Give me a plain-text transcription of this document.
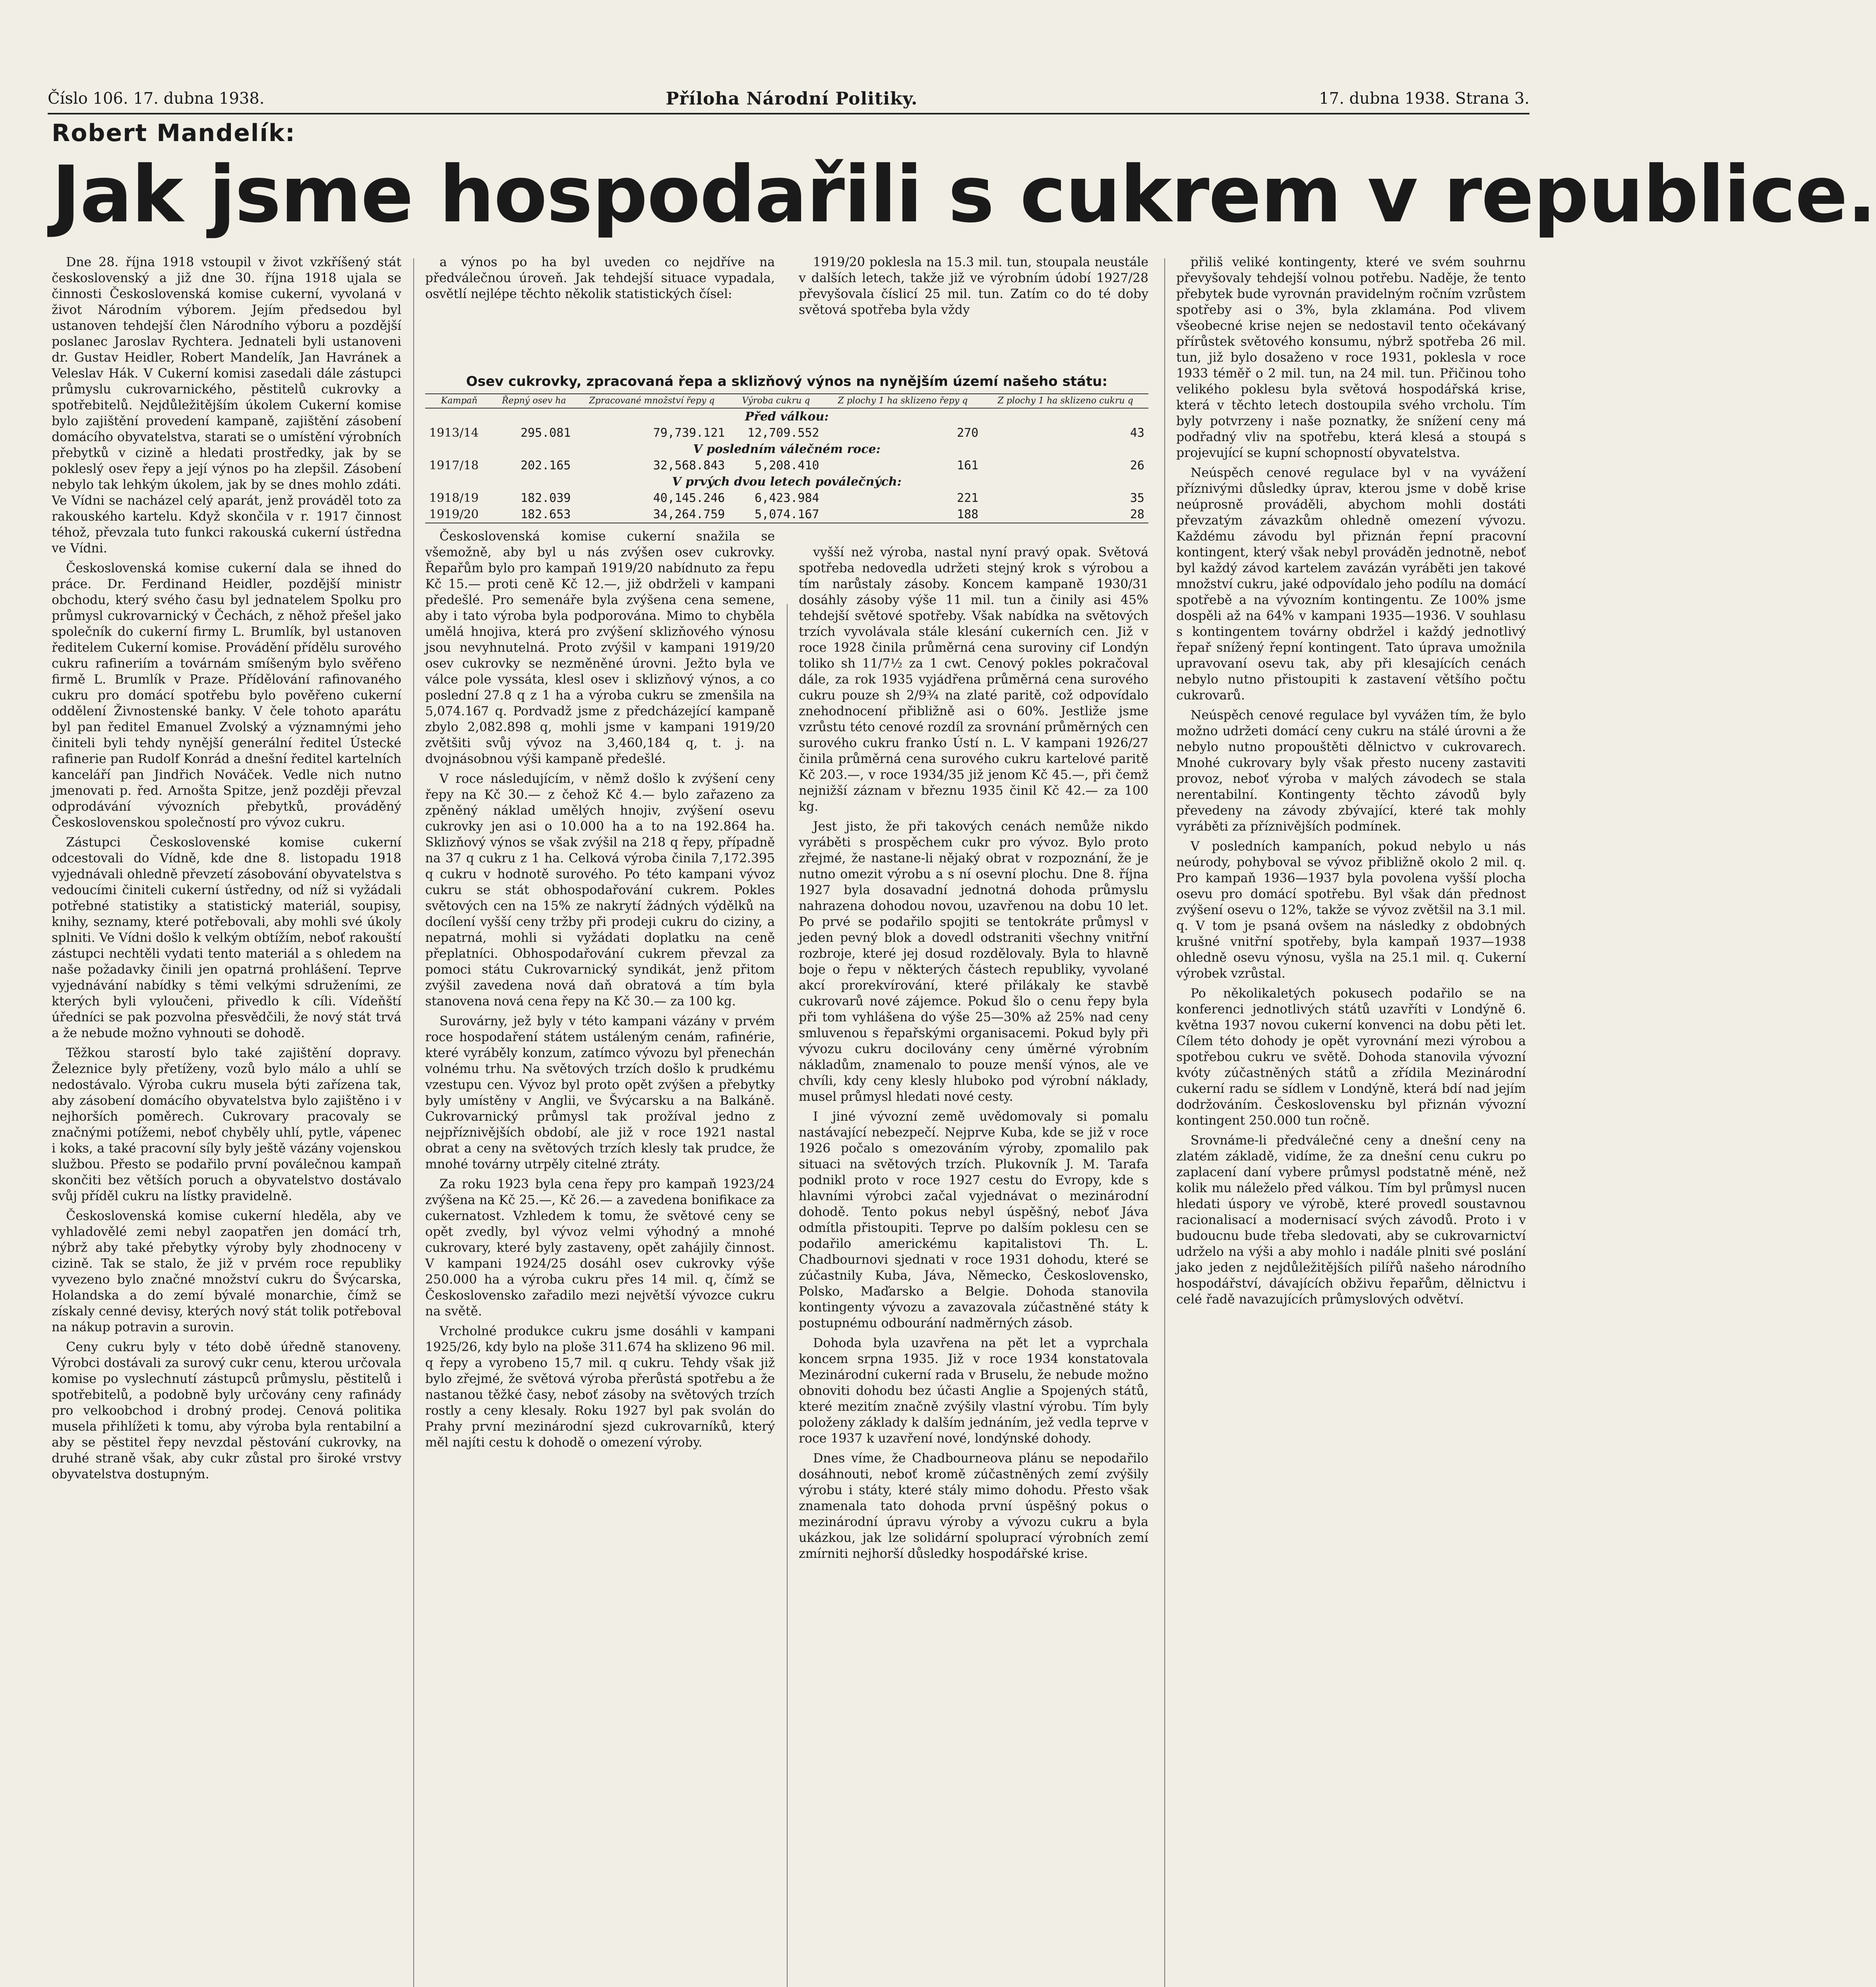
Číslo 106. 17. dubna 1938.	Příloha Národní Politiky.	17. dubna 1938. Strana 3.
Robert Mandelík:
Jak jsme hospodařili s cukrem v republice.

Dne 28. října 1918 vstoupil v život vzkříšený stát československý a již dne 30. října 1918 ujala se činnosti Československá komise cukerní, vyvolaná v život Národním výborem. Jejím předsedou byl ustanoven tehdejší člen Národního výboru a pozdější poslanec Jaroslav Rychtera. Jednateli byli ustanoveni dr. Gustav Heidler, Robert Mandelík, Jan Havránek a Veleslav Hák. V Cukerní komisi zasedali dále zástupci průmyslu cukrovarnického, pěstitelů cukrovky a spotřebitelů. Nejdůležitějším úkolem Cukerní komise bylo zajištění provedení kampaně, zajištění zásobení domácího obyvatelstva, starati se o umístění výrobních přebytků v cizině a hledati prostředky, jak by se pokleslý osev řepy a její výnos po ha zlepšil. Zásobení nebylo tak lehkým úkolem, jak by se dnes mohlo zdáti. Ve Vídni se nacházel celý aparát, jenž prováděl toto za rakouského kartelu. Když skončila v r. 1917 činnost téhož, převzala tuto funkci rakouská cukerní ústředna ve Vídni.

Československá komise cukerní dala se ihned do práce. Dr. Ferdinand Heidler, pozdější ministr obchodu, který svého času byl jednatelem Spolku pro průmysl cukrovarnický v Čechách, z něhož přešel jako společník do cukerní firmy L. Brumlík, byl ustanoven ředitelem Cukerní komise. Provádění přídělu surového cukru rafineriím a továrnám smíšeným bylo svěřeno firmě L. Brumlík v Praze. Přídělování rafinovaného cukru pro domácí spotřebu bylo pověřeno cukerní oddělení Živnostenské banky. V čele tohoto aparátu byl pan ředitel Emanuel Zvolský a významnými jeho činiteli byli tehdy nynější generální ředitel Ústecké rafinerie pan Rudolf Konrád a dnešní ředitel kartelních kanceláří pan Jindřich Nováček. Vedle nich nutno jmenovati p. řed. Arnošta Spitze, jenž později převzal odprodávání vývozních přebytků, prováděný Československou společností pro vývoz cukru.

Zástupci Československé komise cukerní odcestovali do Vídně, kde dne 8. listopadu 1918 vyjednávali ohledně převzetí zásobování obyvatelstva s vedoucími činiteli cukerní ústředny, od níž si vyžádali potřebné statistiky a statistický materiál, soupisy, knihy, seznamy, které potřebovali, aby mohli své úkoly splniti. Ve Vídni došlo k velkým obtížím, neboť rakouští zástupci nechtěli vydati tento materiál a s ohledem na naše požadavky činili jen opatrná prohlášení. Teprve vyjednávání nabídky s těmi velkými sdruženími, ze kterých byli vyloučeni, přivedlo k cíli. Vídeňští úředníci se pak pozvolna přesvědčili, že nový stát trvá a že nebude možno vyhnouti se dohodě.

Těžkou starostí bylo také zajištění dopravy. Železnice byly přetíženy, vozů bylo málo a uhlí se nedostávalo. Výroba cukru musela býti zařízena tak, aby zásobení domácího obyvatelstva bylo zajištěno i v nejhorších poměrech. Cukrovary pracovaly se značnými potížemi, neboť chyběly uhlí, pytle, vápenec i koks, a také pracovní síly byly ještě vázány vojenskou službou. Přesto se podařilo první poválečnou kampaň skončiti bez větších poruch a obyvatelstvo dostávalo svůj příděl cukru na lístky pravidelně.

Československá komise cukerní hleděla, aby ve vyhladovělé zemi nebyl zaopatřen jen domácí trh, nýbrž aby také přebytky výroby byly zhodnoceny v cizině. Tak se stalo, že již v prvém roce republiky vyvezeno bylo značné množství cukru do Švýcarska, Holandska a do zemí bývalé monarchie, čímž se získaly cenné devisy, kterých nový stát tolik potřeboval na nákup potravin a surovin.

Ceny cukru byly v této době úředně stanoveny. Výrobci dostávali za surový cukr cenu, kterou určovala komise po vyslechnutí zástupců průmyslu, pěstitelů i spotřebitelů, a podobně byly určovány ceny rafinády pro velkoobchod i drobný prodej. Cenová politika musela přihlížeti k tomu, aby výroba byla rentabilní a aby se pěstitel řepy nevzdal pěstování cukrovky, na druhé straně však, aby cukr zůstal pro široké vrstvy obyvatelstva dostupným.

a výnos po ha byl uveden co nejdříve na předválečnou úroveň. Jak tehdejší situace vypadala, osvětlí nejlépe těchto několik statistických čísel:

Československá komise cukerní snažila se všemožně, aby byl u nás zvýšen osev cukrovky. Řepařům bylo pro kampaň 1919/20 nabídnuto za řepu Kč 15.— proti ceně Kč 12.—, již obdrželi v kampani předešlé. Pro semenáře byla zvýšena cena semene, aby i tato výroba byla podporována. Mimo to chyběla umělá hnojiva, která pro zvýšení sklizňového výnosu jsou nevyhnutelná. Proto zvýšil v kampani 1919/20 osev cukrovky se nezměněné úrovni. Ježto byla ve válce pole vyssáta, klesl osev i sklizňový výnos, a co poslední 27.8 q z 1 ha a výroba cukru se zmenšila na 5,074.167 q. Pordvadž jsme z předcházející kampaně zbylo 2,082.898 q, mohli jsme v kampani 1919/20 zvětšiti svůj vývoz na 3,460,184 q, t. j. na dvojnásobnou výši kampaně předešlé.

V roce následujícím, v němž došlo k zvýšení ceny řepy na Kč 30.— z čehož Kč 4.— bylo zařazeno za zpěněný náklad umělých hnojiv, zvýšení osevu cukrovky jen asi o 10.000 ha a to na 192.864 ha. Sklizňový výnos se však zvýšil na 218 q řepy, případně na 37 q cukru z 1 ha. Celková výroba činila 7,172.395 q cukru v hodnotě surového. Po této kampani vývoz cukru se stát obhospodařování cukrem. Pokles světových cen na 15% ze nakrytí žádných výdělků na docílení vyšší ceny tržby při prodeji cukru do ciziny, a nepatrná, mohli si vyžádati doplatku na ceně přeplatníci. Obhospodařování cukrem převzal za pomoci státu Cukrovarnický syndikát, jenž přitom zvýšil zavedena nová daň obratová a tím byla stanovena nová cena řepy na Kč 30.— za 100 kg.

Surovárny, jež byly v této kampani vázány v prvém roce hospodaření státem ustáleným cenám, rafinérie, které vyráběly konzum, zatímco vývozu byl přenechán volnému trhu. Na světových trzích došlo k prudkému vzestupu cen. Vývoz byl proto opět zvýšen a přebytky byly umístěny v Anglii, ve Švýcarsku a na Balkáně. Cukrovarnický průmysl tak prožíval jedno z nejpříznivějších období, ale již v roce 1921 nastal obrat a ceny na světových trzích klesly tak prudce, že mnohé továrny utrpěly citelné ztráty.

Za roku 1923 byla cena řepy pro kampaň 1923/24 zvýšena na Kč 25.—, Kč 26.— a zavedena bonifikace za cukernatost. Vzhledem k tomu, že světové ceny se opět zvedly, byl vývoz velmi výhodný a mnohé cukrovary, které byly zastaveny, opět zahájily činnost. V kampani 1924/25 dosáhl osev cukrovky výše 250.000 ha a výroba cukru přes 14 mil. q, čímž se Československo zařadilo mezi největší vývozce cukru na světě.

Vrcholné produkce cukru jsme dosáhli v kampani 1925/26, kdy bylo na ploše 311.674 ha sklizeno 96 mil. q řepy a vyrobeno 15,7 mil. q cukru. Tehdy však již bylo zřejmé, že světová výroba přerůstá spotřebu a že nastanou těžké časy, neboť zásoby na světových trzích rostly a ceny klesaly. Roku 1927 byl pak svolán do Prahy první mezinárodní sjezd cukrovarníků, který měl najíti cestu k dohodě o omezení výroby.

1919/20 poklesla na 15.3 mil. tun, stoupala neustále v dalších letech, takže již ve výrobním údobí 1927/28 převyšovala číslicí 25 mil. tun. Zatím co do té doby světová spotřeba byla vždy

vyšší než výroba, nastal nyní pravý opak. Světová spotřeba nedovedla udržeti stejný krok s výrobou a tím narůstaly zásoby. Koncem kampaně 1930/31 dosáhly zásoby výše 11 mil. tun a činily asi 45% tehdejší světové spotřeby. Však nabídka na světových trzích vyvolávala stále klesání cukerních cen. Již v roce 1928 činila průměrná cena suroviny cif Londýn toliko sh 11/7½ za 1 cwt. Cenový pokles pokračoval dále, za rok 1935 vyjádřena průměrná cena surového cukru pouze sh 2/9¾ na zlaté paritě, což odpovídalo znehodnocení přibližně asi o 60%. Jestliže jsme vzrůstu této cenové rozdíl za srovnání průměrných cen surového cukru franko Ústí n. L. V kampani 1926/27 činila průměrná cena surového cukru kartelové paritě Kč 203.—, v roce 1934/35 již jenom Kč 45.—, při čemž nejnižší záznam v březnu 1935 činil Kč 42.— za 100 kg.

Jest jisto, že při takových cenách nemůže nikdo vyráběti s prospěchem cukr pro vývoz. Bylo proto zřejmé, že nastane-li nějaký obrat v rozpoznání, že je nutno omezit výrobu a s ní osevní plochu. Dne 8. října 1927 byla dosavadní jednotná dohoda průmyslu nahrazena dohodou novou, uzavřenou na dobu 10 let. Po prvé se podařilo spojiti se tentokráte průmysl v jeden pevný blok a dovedl odstraniti všechny vnitřní rozbroje, které jej dosud rozdělovaly. Byla to hlavně boje o řepu v některých částech republiky, vyvolané akcí prorekvírování, které přilákaly ke stavbě cukrovarů nové zájemce. Pokud šlo o cenu řepy byla při tom vyhlášena do výše 25—30% až 25% nad ceny smluvenou s řepařskými organisacemi. Pokud byly při vývozu cukru docilovány ceny úměrné výrobním nákladům, znamenalo to pouze menší výnos, ale ve chvíli, kdy ceny klesly hluboko pod výrobní náklady, musel průmysl hledati nové cesty.

I jiné vývozní země uvědomovaly si pomalu nastávající nebezpečí. Nejprve Kuba, kde se již v roce 1926 počalo s omezováním výroby, zpomalilo pak situaci na světových trzích. Plukovník J. M. Tarafa podnikl proto v roce 1927 cestu do Evropy, kde s hlavními výrobci začal vyjednávat o mezinárodní dohodě. Tento pokus nebyl úspěšný, neboť Jáva odmítla přistoupiti. Teprve po dalším poklesu cen se podařilo americkému kapitalistovi Th. L. Chadbournovi sjednati v roce 1931 dohodu, které se zúčastnily Kuba, Jáva, Německo, Československo, Polsko, Maďarsko a Belgie. Dohoda stanovila kontingenty vývozu a zavazovala zúčastněné státy k postupnému odbourání nadměrných zásob.

Dohoda byla uzavřena na pět let a vyprchala koncem srpna 1935. Již v roce 1934 konstatovala Mezinárodní cukerní rada v Bruselu, že nebude možno obnoviti dohodu bez účasti Anglie a Spojených států, které mezitím značně zvýšily vlastní výrobu. Tím byly položeny základy k dalším jednáním, jež vedla teprve v roce 1937 k uzavření nové, londýnské dohody.

Dnes víme, že Chadbourneova plánu se nepodařilo dosáhnouti, neboť kromě zúčastněných zemí zvýšily výrobu i státy, které stály mimo dohodu. Přesto však znamenala tato dohoda první úspěšný pokus o mezinárodní úpravu výroby a vývozu cukru a byla ukázkou, jak lze solidární spoluprací výrobních zemí zmírniti nejhorší důsledky hospodářské krise.

přiliš veliké kontingenty, které ve svém souhrnu převyšovaly tehdejší volnou potřebu. Naděje, že tento přebytek bude vyrovnán pravidelným ročním vzrůstem spotřeby asi o 3%, byla zklamána. Pod vlivem všeobecné krise nejen se nedostavil tento očekávaný přírůstek světového konsumu, nýbrž spotřeba 26 mil. tun, již bylo dosaženo v roce 1931, poklesla v roce 1933 téměř o 2 mil. tun, na 24 mil. tun. Přičinou toho velikého poklesu byla světová hospodářská krise, která v těchto letech dostoupila svého vrcholu. Tím byly potvrzeny i naše poznatky, že snížení ceny má podřadný vliv na spotřebu, která klesá a stoupá s projevující se kupní schopností obyvatelstva.

Neúspěch cenové regulace byl v na vyvážení příznivými důsledky úprav, kterou jsme v době krise neúprosně prováděli, abychom mohli dostáti převzatým závazkům ohledně omezení vývozu. Každému závodu byl přiznán řepní pracovní kontingent, který však nebyl prováděn jednotně, neboť byl každý závod kartelem zavázán vyráběti jen takové množství cukru, jaké odpovídalo jeho podílu na domácí spotřebě a na vývozním kontingentu. Ze 100% jsme dospěli až na 64% v kampani 1935—1936. V souhlasu s kontingentem továrny obdržel i každý jednotlivý řepař snížený řepní kontingent. Tato úprava umožnila upravovaní osevu tak, aby při klesajících cenách nebylo nutno přistoupiti k zastavení většího počtu cukrovarů.

Neúspěch cenové regulace byl vyvážen tím, že bylo možno udržeti domácí ceny cukru na stálé úrovni a že nebylo nutno propouštěti dělnictvo v cukrovarech. Mnohé cukrovary byly však přesto nuceny zastaviti provoz, neboť výroba v malých závodech se stala nerentabilní. Kontingenty těchto závodů byly převedeny na závody zbývající, které tak mohly vyráběti za příznivějších podmínek.

V posledních kampaních, pokud nebylo u nás neúrody, pohyboval se vývoz přibližně okolo 2 mil. q. Pro kampaň 1936—1937 byla povolena vyšší plocha osevu pro domácí spotřebu. Byl však dán přednost zvýšení osevu o 12%, takže se vývoz zvětšil na 3.1 mil. q. V tom je psaná ovšem na následky z obdobných krušné vnitřní spotřeby, byla kampaň 1937—1938 ohledně osevu výnosu, vyšla na 25.1 mil. q. Cukerní výrobek vzrůstal.

Po několikaletých pokusech podařilo se na konferenci jednotlivých států uzavříti v Londýně 6. května 1937 novou cukerní konvenci na dobu pěti let. Cílem této dohody je opět vyrovnání mezi výrobou a spotřebou cukru ve světě. Dohoda stanovila vývozní kvóty zúčastněných států a zřídila Mezinárodní cukerní radu se sídlem v Londýně, která bdí nad jejím dodržováním. Československu byl přiznán vývozní kontingent 250.000 tun ročně.

Srovnáme-li předválečné ceny a dnešní ceny na zlatém základě, vidíme, že za dnešní cenu cukru po zaplacení daní vybere průmysl podstatně méně, než kolik mu náleželo před válkou. Tím byl průmysl nucen hledati úspory ve výrobě, které provedl soustavnou racionalisací a modernisací svých závodů. Proto i v budoucnu bude třeba sledovati, aby se cukrovarnictví udrželo na výši a aby mohlo i nadále plniti své poslání jako jeden z nejdůležitějších pilířů našeho národního hospodářství, dávajících obživu řepařům, dělnictvu i celé řadě navazujících průmyslových odvětví.

Osev cukrovky, zpracovaná řepa a sklizňový výnos na nynějším území našeho státu:
Kampaň	Řepný osev ha	Zpracované množství řepy q	Výroba cukru q	Z plochy 1 ha sklizeno řepy q	Z plochy 1 ha sklizeno cukru q
Před válkou:					
1913/14	295.081	79,739.121	12,709.552	270	43
V posledním válečném roce:					
1917/18	202.165	32,568.843	5,208.410	161	26
V prvých dvou letech poválečných:					
1918/19	182.039	40,145.246	6,423.984	221	35
1919/20	182.653	34,264.759	5,074.167	188	28
